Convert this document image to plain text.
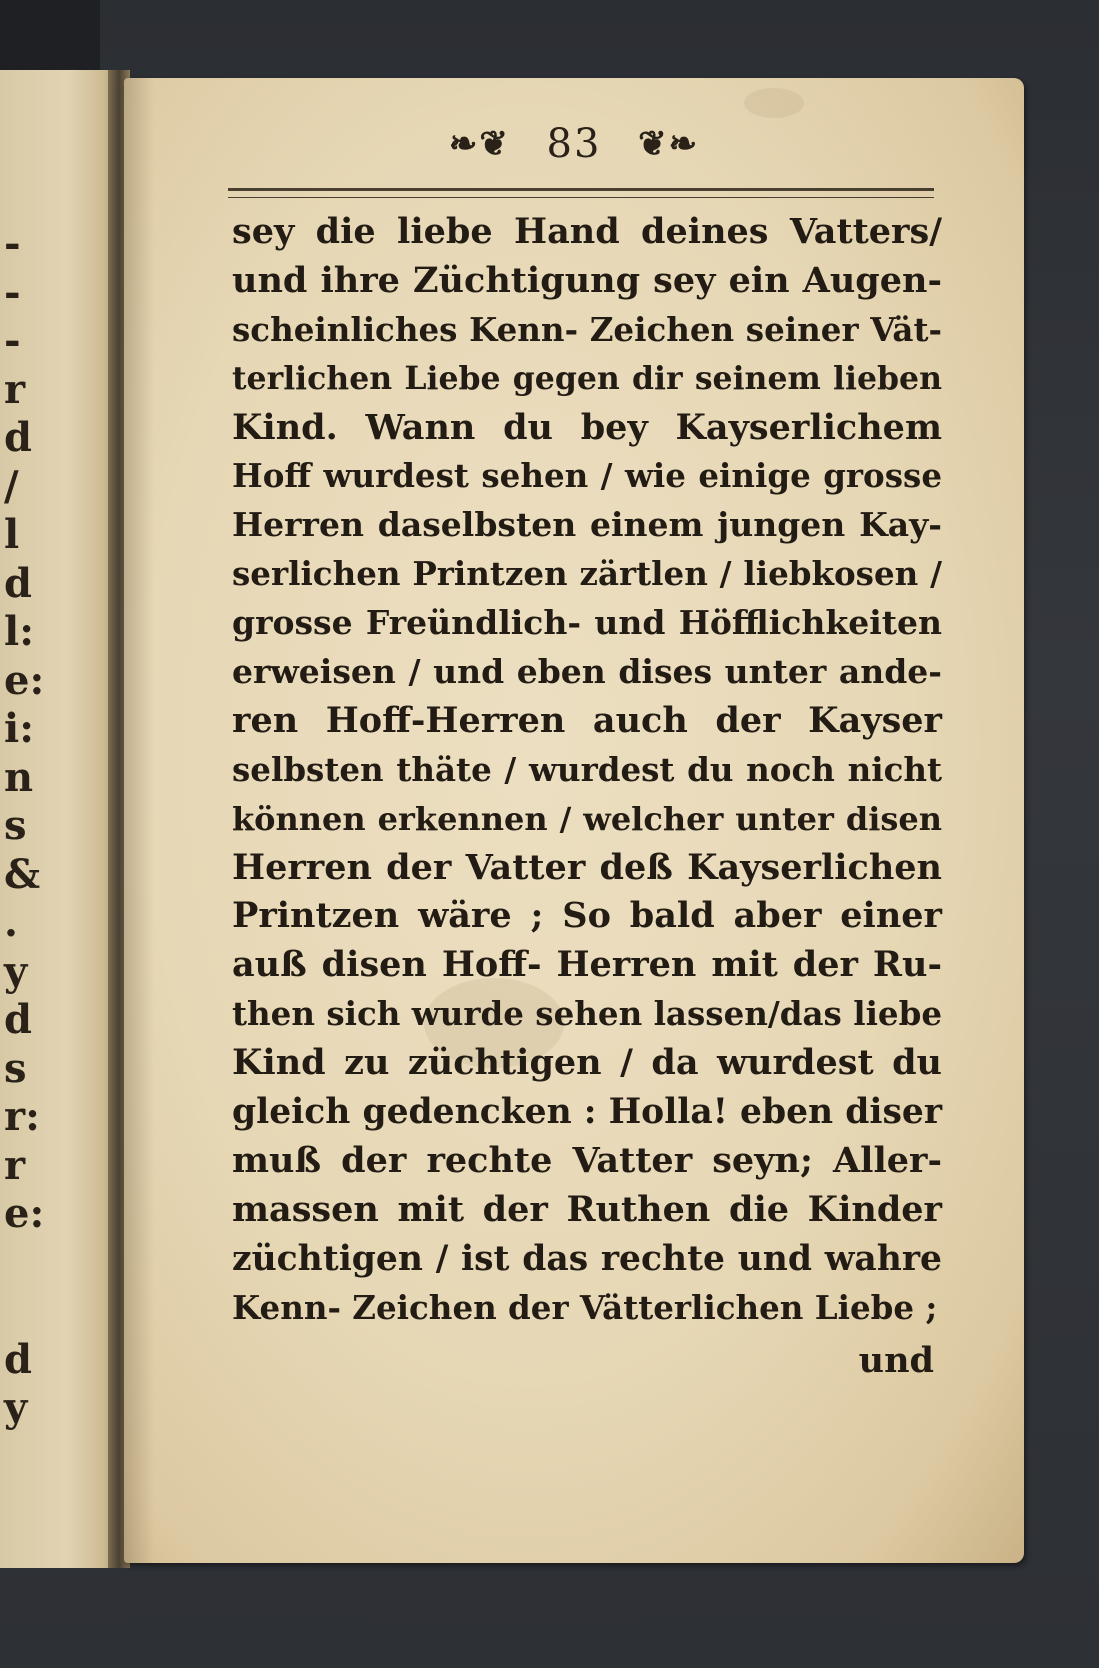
-
-
-
r
d
/
l
d
l:
e:
i:
n
s
&
.
y
d
s
r:
r
e:
d
y
❧❦ 83 ❦❧
sey die liebe Hand deines Vatters/
und ihre Züchtigung sey ein Augen-
scheinliches Kenn- Zeichen seiner Vät-
terlichen Liebe gegen dir seinem lieben
Kind. Wann du bey Kayserlichem
Hoff wurdest sehen / wie einige grosse
Herren daselbsten einem jungen Kay-
serlichen Printzen zärtlen / liebkosen /
grosse Freündlich- und Höfflichkeiten
erweisen / und eben dises unter ande-
ren Hoff-Herren auch der Kayser
selbsten thäte / wurdest du noch nicht
können erkennen / welcher unter disen
Herren der Vatter deß Kayserlichen
Printzen wäre ; So bald aber einer
auß disen Hoff- Herren mit der Ru-
then sich wurde sehen lassen/das liebe
Kind zu züchtigen / da wurdest du
gleich gedencken : Holla! eben diser
muß der rechte Vatter seyn; Aller-
massen mit der Ruthen die Kinder
züchtigen / ist das rechte und wahre
Kenn- Zeichen der Vätterlichen Liebe ;
und
